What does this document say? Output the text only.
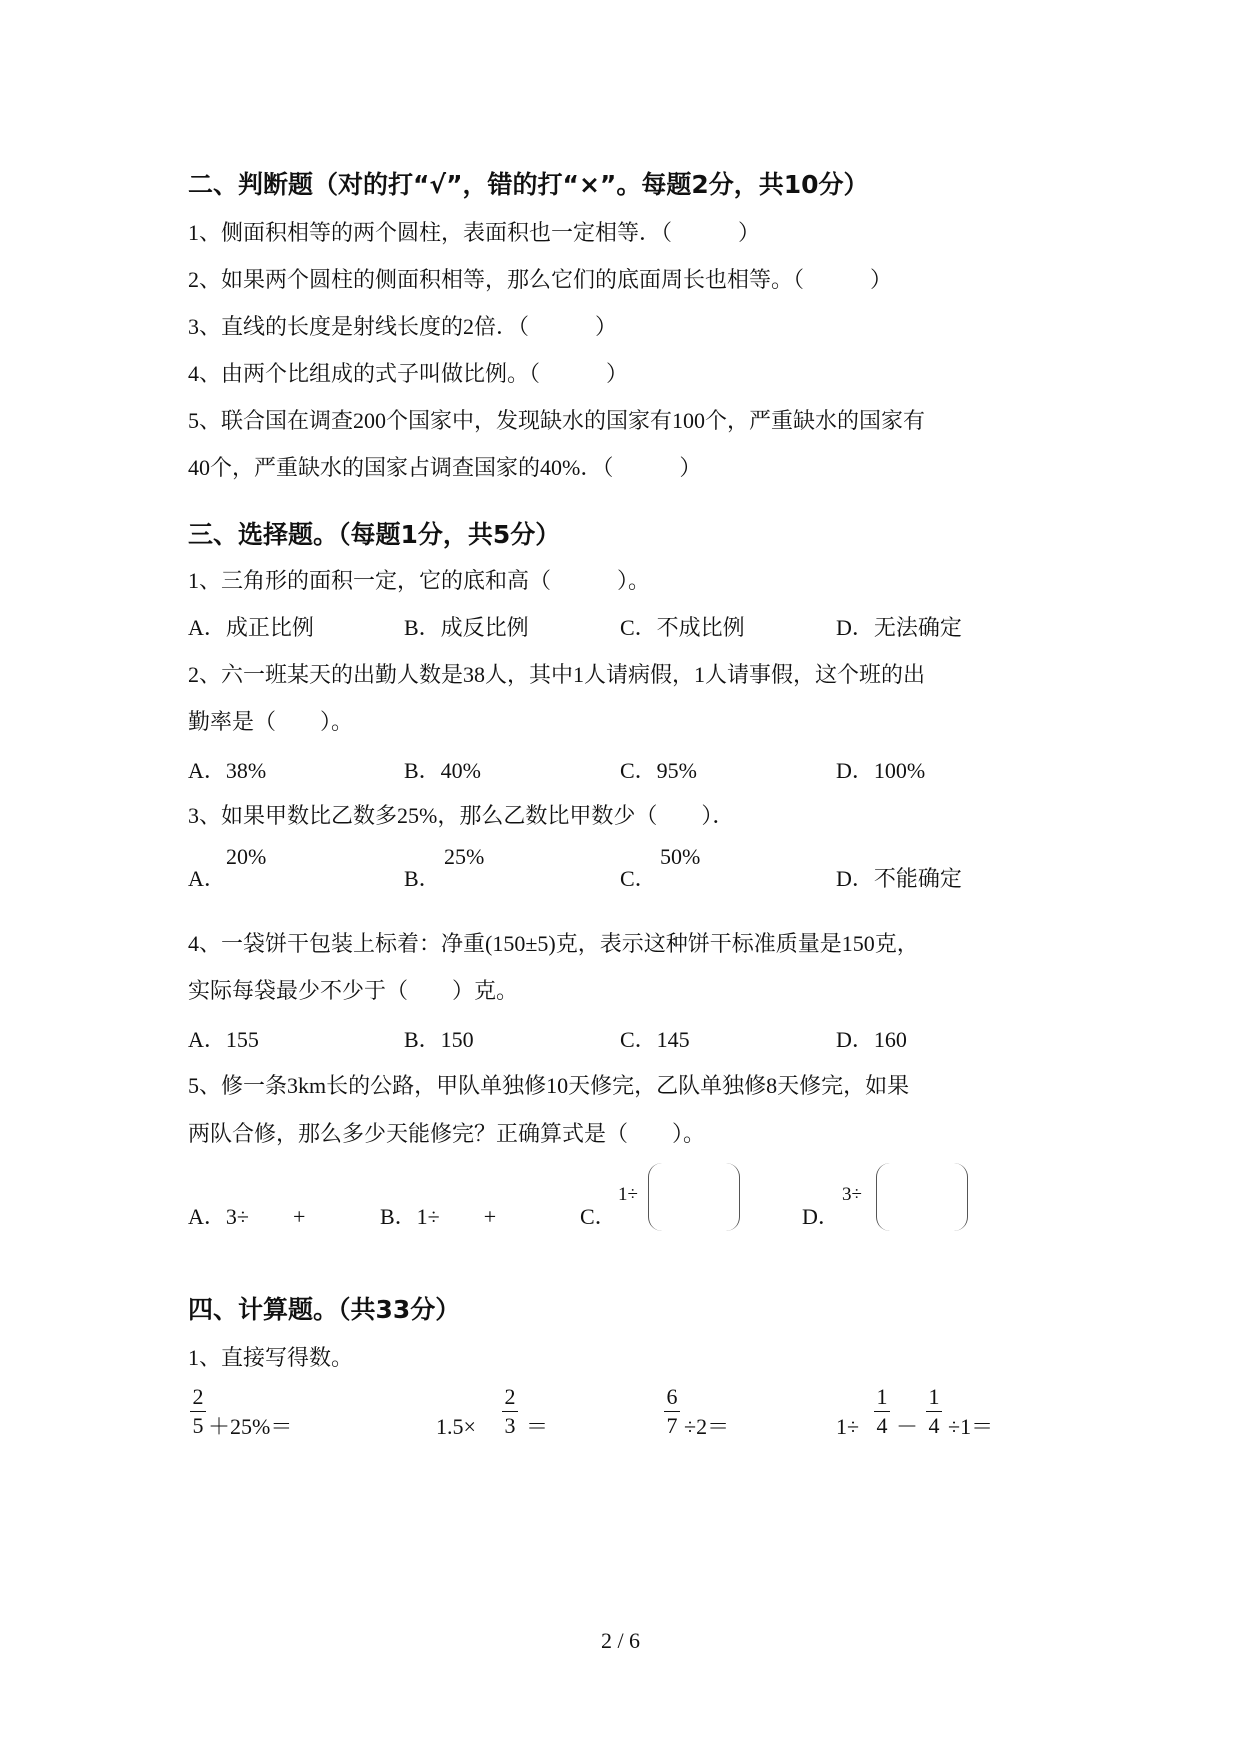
二、判断题（对的打“√”，错的打“×”。每题2分，共10分）
1、侧面积相等的两个圆柱，表面积也一定相等．（　　　）
2、如果两个圆柱的侧面积相等，那么它们的底面周长也相等。（　　　）
3、直线的长度是射线长度的2倍．（　　　）
4、由两个比组成的式子叫做比例。（　　　）
5、联合国在调查200个国家中，发现缺水的国家有100个，严重缺水的国家有
40个，严重缺水的国家占调查国家的40%．（　　　）
三、选择题。（每题1分，共5分）
1、三角形的面积一定，它的底和高（　　　）。
A．成正比例	B．成反比例	C．不成比例	D．无法确定
2、六一班某天的出勤人数是38人，其中1人请病假，1人请事假，这个班的出
勤率是（　　）。
A．38%	B．40%	C．95%	D．100%
3、如果甲数比乙数多25%，那么乙数比甲数少（　　）．
A．
20%
B．
25%
C．
50%
D．不能确定
4、一袋饼干包装上标着：净重(150±5)克，表示这种饼干标准质量是150克，
实际每袋最少不少于（　　）克。
A．155	B．150	C．145	D．160
5、修一条3km长的公路，甲队单独修10天修完，乙队单独修8天修完，如果
两队合修，那么多少天能修完？正确算式是（　　）。
A．3÷　　+	B．1÷　　+	C．
1÷
D．
3÷
四、计算题。（共33分）
1、直接写得数。
2
5 ＋25%＝	1.5×
2
3 ＝
6
7 ÷2＝	1÷
1
4 －
1
4 ÷1＝
2 / 6
